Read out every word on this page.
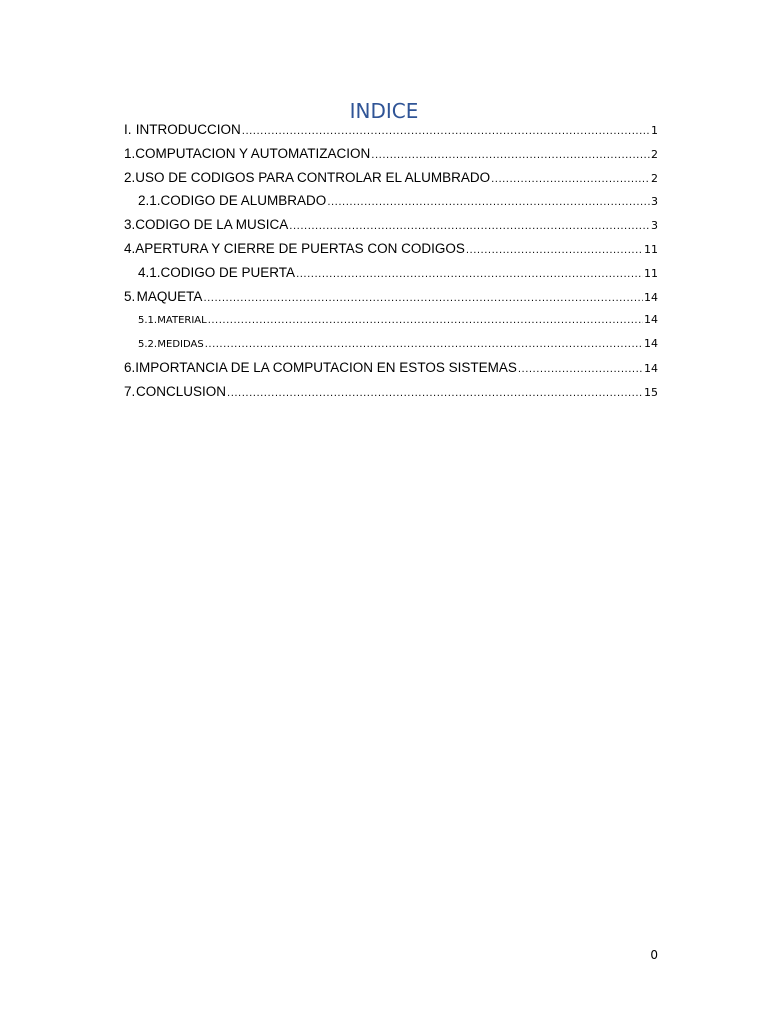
INDICE
I. INTRODUCCION .....	1
1. COMPUTACION Y AUTOMATIZACION .....	2
2. USO DE CODIGOS PARA CONTROLAR EL ALUMBRADO .....	2
2.1. CODIGO DE ALUMBRADO .....	3
3. CODIGO DE LA MUSICA .....	3
4. APERTURA Y CIERRE DE PUERTAS CON CODIGOS .....	11
4.1. CODIGO DE PUERTA .....	11
5. MAQUETA .....	14
5.1. MATERIAL .....	14
5.2. MEDIDAS .....	14
6. IMPORTANCIA DE LA COMPUTACION EN ESTOS SISTEMAS .....	14
7. CONCLUSION .....	15
0
